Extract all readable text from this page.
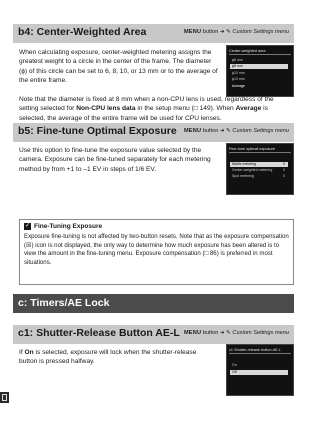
b4: Center-Weighted Area	MENU button ➜ ✎ Custom Settings menu

When calculating exposure, center-weighted metering assigns the greatest weight to a circle in the center of the frame. The diameter (ϕ) of this circle can be set to 6, 8, 10, or 13 mm or to the average of the entire frame.

Center-weighted area
ϕ6 mm
ϕ8 mm
ϕ10 mm
ϕ13 mm
Average

Note that the diameter is fixed at 8 mm when a non-CPU lens is used, regardless of the setting selected for Non-CPU lens data in the setup menu (□ 149). When Average is selected, the average of the entire frame will be used for CPU lenses.

b5: Fine-tune Optimal Exposure MENU button ➜ ✎ Custom Settings menu

Use this option to fine-tune the exposure value selected by the camera. Exposure can be fine-tuned separately for each metering method by from +1 to –1 EV in steps of 1/6 EV.

Fine-tune optimal exposure
Matrix metering	0
Center-weighted metering	0
Spot metering	0
✓ Fine-Tuning Exposure

Exposure fine-tuning is not affected by two-button resets. Note that as the exposure compensation (☒) icon is not displayed, the only way to determine how much exposure has been altered is to view the amount in the fine-tuning menu. Exposure compensation (□ 86) is preferred in most situations.

c: Timers/AE Lock
c1: Shutter-Release Button AE-L MENU button ➜ ✎ Custom Settings menu

If On is selected, exposure will lock when the shutter-release button is pressed halfway.

c1 Shutter-release button AE-L
On
Off
